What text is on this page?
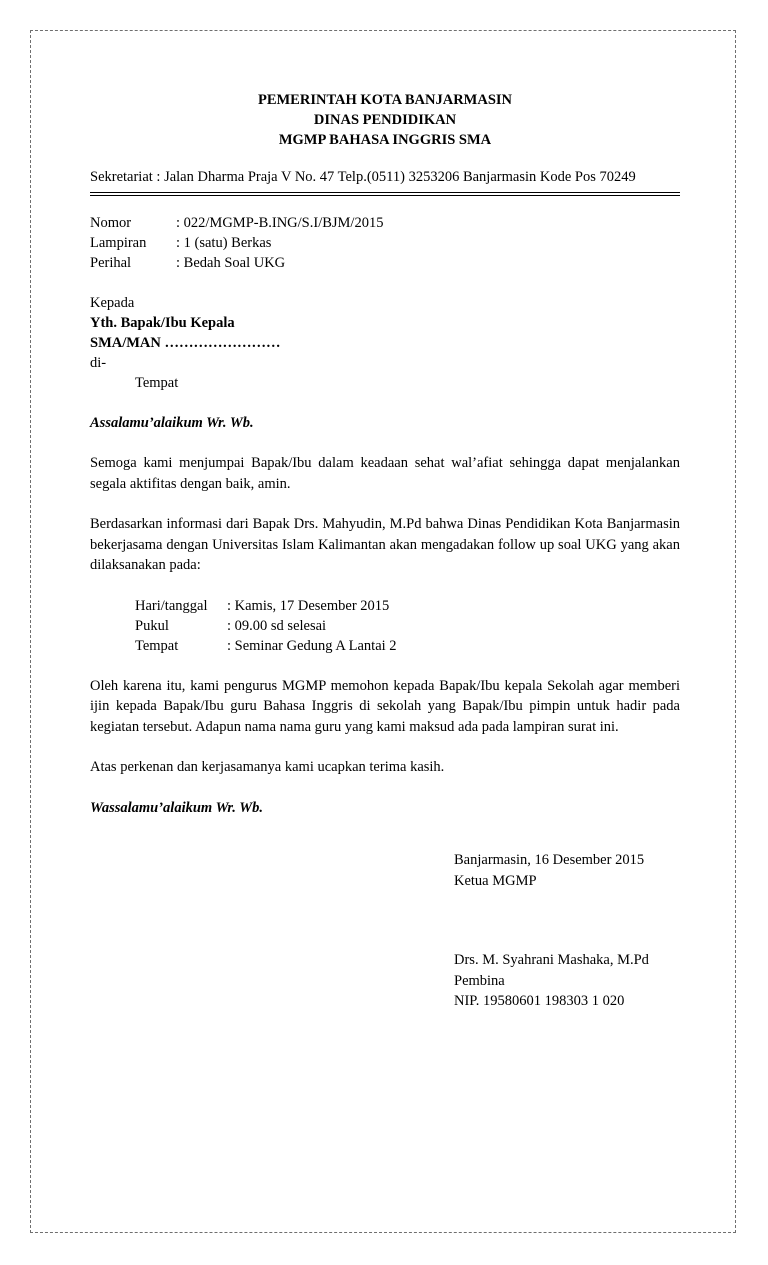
PEMERINTAH KOTA BANJARMASIN
DINAS PENDIDIKAN
MGMP BAHASA INGGRIS SMA
Sekretariat : Jalan Dharma Praja V No. 47 Telp.(0511) 3253206 Banjarmasin Kode Pos 70249
Nomor	: 022/MGMP-B.ING/S.I/BJM/2015
Lampiran	: 1 (satu) Berkas
Perihal	: Bedah Soal UKG
Kepada
Yth. Bapak/Ibu Kepala
SMA/MAN ……………………
di-
Tempat
Assalamu’alaikum Wr. Wb.
Semoga kami menjumpai Bapak/Ibu dalam keadaan sehat wal’afiat sehingga dapat menjalankan segala aktifitas dengan baik, amin.
Berdasarkan informasi dari Bapak Drs. Mahyudin, M.Pd bahwa Dinas Pendidikan Kota Banjarmasin bekerjasama dengan Universitas Islam Kalimantan akan mengadakan follow up soal UKG yang akan dilaksanakan pada:
Hari/tanggal	: Kamis, 17 Desember 2015
Pukul	: 09.00 sd selesai
Tempat	: Seminar Gedung A Lantai 2
Oleh karena itu, kami pengurus MGMP memohon kepada Bapak/Ibu kepala Sekolah agar memberi ijin kepada Bapak/Ibu guru Bahasa Inggris di sekolah yang Bapak/Ibu pimpin untuk hadir pada kegiatan tersebut. Adapun nama nama guru yang kami maksud ada pada lampiran surat ini.
Atas perkenan dan kerjasamanya kami ucapkan terima kasih.
Wassalamu’alaikum Wr. Wb.
Banjarmasin, 16 Desember 2015
Ketua MGMP
Drs. M. Syahrani Mashaka, M.Pd
Pembina
NIP. 19580601 198303 1 020
